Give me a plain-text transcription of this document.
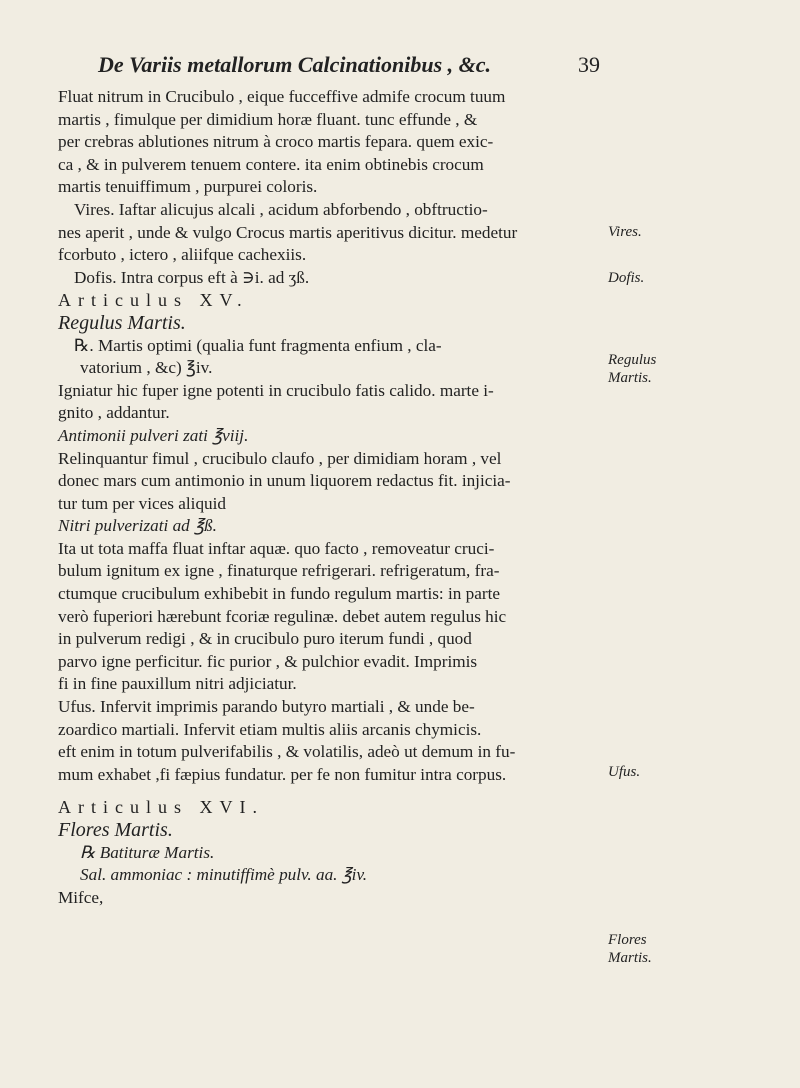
De Variis metallorum Calcinationibus , &c.	39

Fluat nitrum in Crucibulo , eique fucceffive admife crocum tuum

martis , fimulque per dimidium horæ fluant. tunc effunde , &

per crebras ablutiones nitrum à croco martis fepara. quem exic-

ca , & in pulverem tenuem contere. ita enim obtinebis crocum

martis tenuiffimum , purpurei coloris.

Vires. Iaftar alicujus alcali , acidum abforbendo , obftructio-

nes aperit , unde & vulgo Crocus martis aperitivus dicitur. medetur

fcorbuto , ictero , aliifque cachexiis.

Dofis. Intra corpus eft à ∋i. ad ʒß.

Articulus XV.

Regulus Martis.

℞. Martis optimi (qualia funt fragmenta enfium , cla-

vatorium , &c) ℥iv.

Igniatur hic fuper igne potenti in crucibulo fatis calido. marte i-

gnito , addantur.

Antimonii pulveri zati ℥viij.

Relinquantur fimul , crucibulo claufo , per dimidiam horam , vel

donec mars cum antimonio in unum liquorem redactus fit. injicia-

tur tum per vices aliquid

Nitri pulverizati ad ℥ß.

Ita ut tota maffa fluat inftar aquæ. quo facto , removeatur cruci-

bulum ignitum ex igne , finaturque refrigerari. refrigeratum, fra-

ctumque crucibulum exhibebit in fundo regulum martis: in parte

verò fuperiori hærebunt fcoriæ regulinæ. debet autem regulus hic

in pulverum redigi , & in crucibulo puro iterum fundi , quod

parvo igne perficitur. fic purior , & pulchior evadit. Imprimis

fi in fine pauxillum nitri adjiciatur.

Ufus. Infervit imprimis parando butyro martiali , & unde be-

zoardico martiali. Infervit etiam multis aliis arcanis chymicis.

eft enim in totum pulverifabilis , & volatilis, adeò ut demum in fu-

mum exhabet ,fi fæpius fundatur. per fe non fumitur intra corpus.

Articulus XVI.

Flores Martis.

℞ Batituræ Martis.

Sal. ammoniac : minutiffimè pulv. aa. ℥iv.

Mifce,

Vires.
Dofis.
Regulus
Martis.
Ufus.
Flores
Martis.
